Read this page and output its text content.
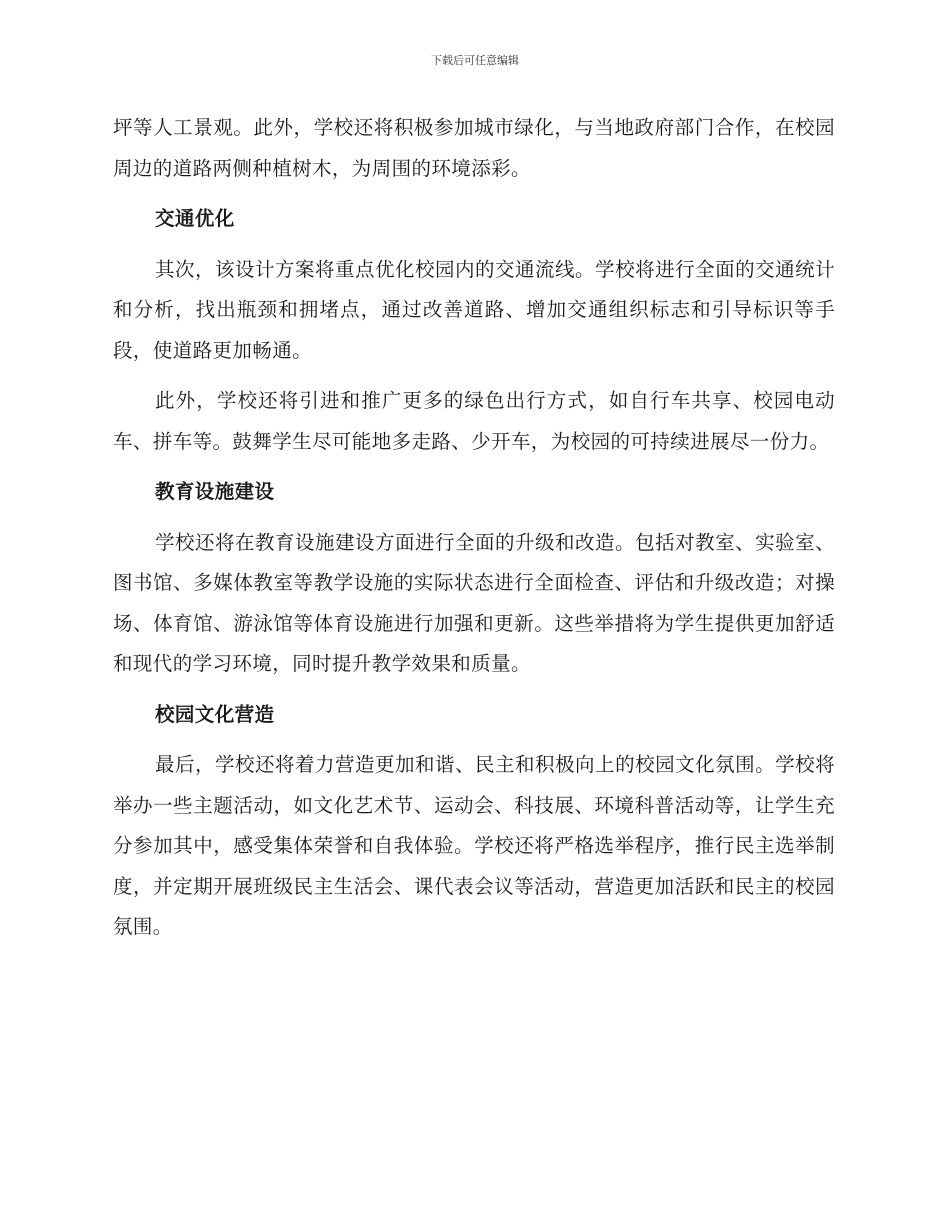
下载后可任意编辑

坪等人工景观。此外，学校还将积极参加城市绿化，与当地政府部门合作，在校园周边的道路两侧种植树木，为周围的环境添彩。

交通优化

其次，该设计方案将重点优化校园内的交通流线。学校将进行全面的交通统计和分析，找出瓶颈和拥堵点，通过改善道路、增加交通组织标志和引导标识等手段，使道路更加畅通。

此外，学校还将引进和推广更多的绿色出行方式，如自行车共享、校园电动车、拼车等。鼓舞学生尽可能地多走路、少开车，为校园的可持续进展尽一份力。

教育设施建设

学校还将在教育设施建设方面进行全面的升级和改造。包括对教室、实验室、图书馆、多媒体教室等教学设施的实际状态进行全面检查、评估和升级改造；对操场、体育馆、游泳馆等体育设施进行加强和更新。这些举措将为学生提供更加舒适和现代的学习环境，同时提升教学效果和质量。

校园文化营造

最后，学校还将着力营造更加和谐、民主和积极向上的校园文化氛围。学校将举办一些主题活动，如文化艺术节、运动会、科技展、环境科普活动等，让学生充分参加其中，感受集体荣誉和自我体验。学校还将严格选举程序，推行民主选举制度，并定期开展班级民主生活会、课代表会议等活动，营造更加活跃和民主的校园氛围。
